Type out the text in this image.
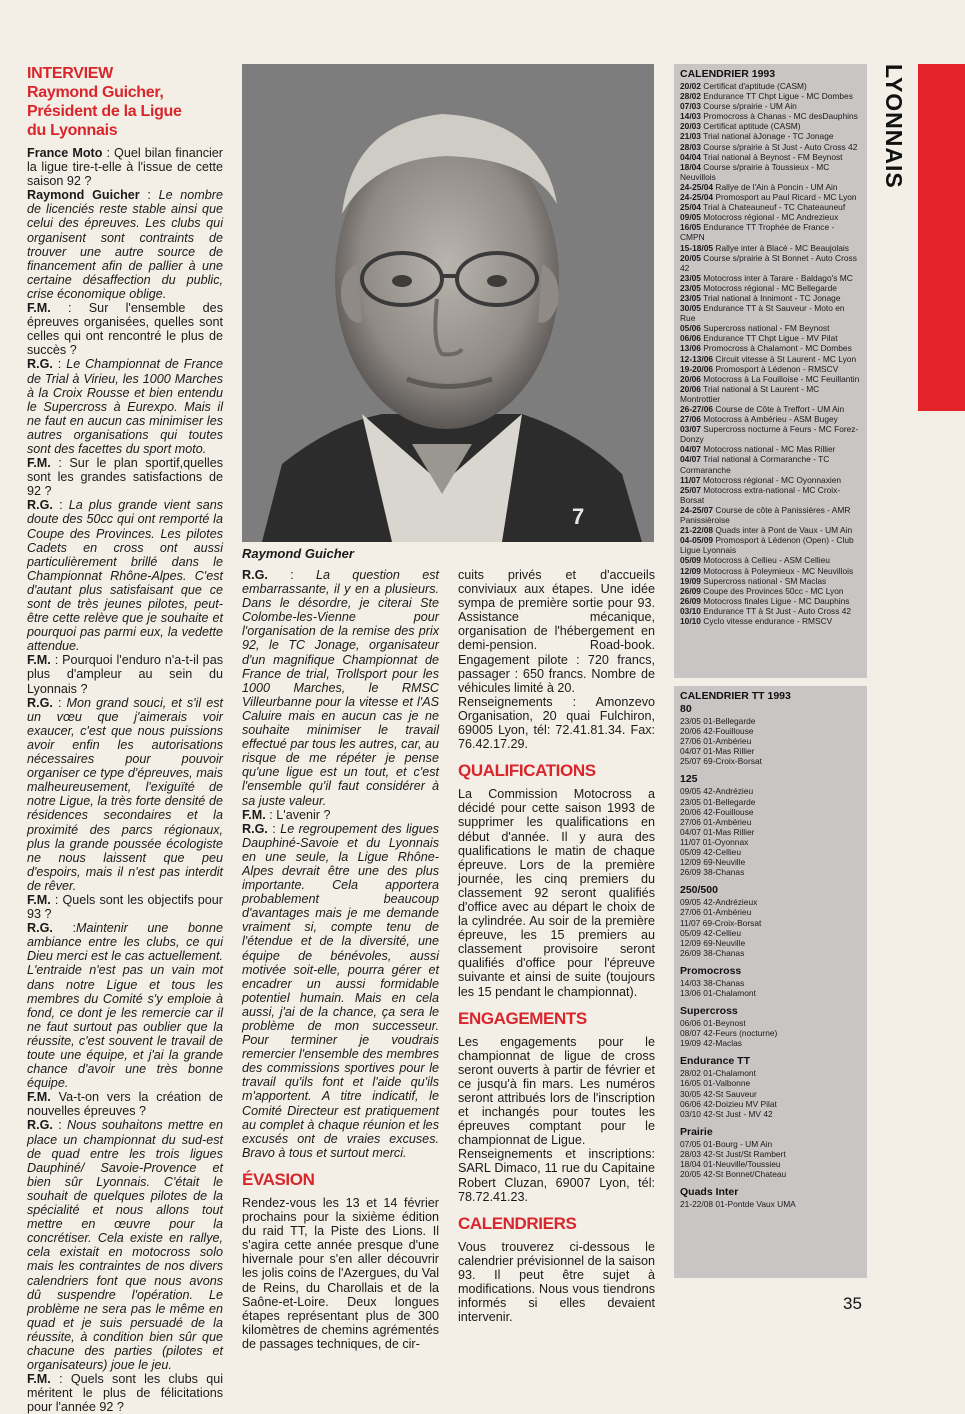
INTERVIEW
Raymond Guicher,
Président de la Ligue
du Lyonnais

France Moto : Quel bilan financier la ligue tire-t-elle à l'issue de cette saison 92 ?

Raymond Guicher : Le nombre de licenciés reste stable ainsi que celui des épreuves. Les clubs qui organisent sont contraints de trouver une autre source de financement afin de pallier à une certaine désaffection du public, crise économique oblige.

F.M. : Sur l'ensemble des épreuves organisées, quelles sont celles qui ont rencontré le plus de succès ?

R.G. : Le Championnat de France de Trial à Virieu, les 1000 Marches à la Croix Rousse et bien entendu le Supercross à Eurexpo. Mais il ne faut en aucun cas minimiser les autres organisations qui toutes sont des facettes du sport moto.

F.M. : Sur le plan sportif,quelles sont les grandes satisfactions de 92 ?

R.G. : La plus grande vient sans doute des 50cc qui ont remporté la Coupe des Provinces. Les pilotes Cadets en cross ont aussi particulièrement brillé dans le Championnat Rhône-Alpes. C'est d'autant plus satisfaisant que ce sont de très jeunes pilotes, peut-être cette relève que je souhaite et pourquoi pas parmi eux, la vedette attendue.

F.M. : Pourquoi l'enduro n'a-t-il pas plus d'ampleur au sein du Lyonnais ?

R.G. : Mon grand souci, et s'il est un vœu que j'aimerais voir exaucer, c'est que nous puissions avoir enfin les autorisations nécessaires pour pouvoir organiser ce type d'épreuves, mais malheureusement, l'exiguïté de notre Ligue, la très forte densité de résidences secondaires et la proximité des parcs régionaux, plus la grande poussée écologiste ne nous laissent que peu d'espoirs, mais il n'est pas interdit de rêver.

F.M. : Quels sont les objectifs pour 93 ?

R.G. :Maintenir une bonne ambiance entre les clubs, ce qui Dieu merci est le cas actuellement. L'entraide n'est pas un vain mot dans notre Ligue et tous les membres du Comité s'y emploie à fond, ce dont je les remercie car il ne faut surtout pas oublier que la réussite, c'est souvent le travail de toute une équipe, et j'ai la grande chance d'avoir une très bonne équipe.

F.M. Va-t-on vers la création de nouvelles épreuves ?

R.G. : Nous souhaitons mettre en place un championnat du sud-est de quad entre les trois ligues Dauphiné/ Savoie-Provence et bien sûr Lyonnais. C'était le souhait de quelques pilotes de la spécialité et nous allons tout mettre en œuvre pour la concrétiser. Cela existe en rallye, cela existait en motocross solo mais les contraintes de nos divers calendriers font que nous avons dû suspendre l'opération. Le problème ne sera pas le même en quad et je suis persuadé de la réussite, à condition bien sûr que chacune des parties (pilotes et organisateurs) joue le jeu.

F.M. : Quels sont les clubs qui méritent le plus de félicitations pour l'année 92 ?

7
Raymond Guicher

R.G. : La question est embarrassante, il y en a plusieurs. Dans le désordre, je citerai Ste Colombe-les-Vienne pour l'organisation de la remise des prix 92, le TC Jonage, organisateur d'un magnifique Championnat de France de trial, Trollsport pour les 1000 Marches, le RMSC Villeurbanne pour la vitesse et l'AS Caluire mais en aucun cas je ne souhaite minimiser le travail effectué par tous les autres, car, au risque de me répéter je pense qu'une ligue est un tout, et c'est l'ensemble qu'il faut considérer à sa juste valeur.

F.M. : L'avenir ?

R.G. : Le regroupement des ligues Dauphiné-Savoie et du Lyonnais en une seule, la Ligue Rhône-Alpes devrait être une des plus importante. Cela apportera probablement beaucoup d'avantages mais je me demande vraiment si, compte tenu de l'étendue et de la diversité, une équipe de bénévoles, aussi motivée soit-elle, pourra gérer et encadrer un aussi formidable potentiel humain. Mais en cela aussi, j'ai de la chance, ça sera le problème de mon successeur. Pour terminer je voudrais remercier l'ensemble des membres des commissions sportives pour le travail qu'ils font et l'aide qu'ils m'apportent. A titre indicatif, le Comité Directeur est pratiquement au complet à chaque réunion et les excusés ont de vraies excuses. Bravo à tous et surtout merci.

ÉVASION

Rendez-vous les 13 et 14 février prochains pour la sixième édition du raid TT, la Piste des Lions. Il s'agira cette année presque d'une hivernale pour s'en aller découvrir les jolis coins de l'Azergues, du Val de Reins, du Charollais et de la Saône-et-Loire. Deux longues étapes représentant plus de 300 kilomètres de chemins agrémentés de passages techniques, de cir-

cuits privés et d'accueils conviviaux aux étapes. Une idée sympa de première sortie pour 93. Assistance mécanique, organisation de l'hébergement en demi-pension. Road-book. Engagement pilote : 720 francs, passager : 650 francs. Nombre de véhicules limité à 20.

Renseignements : Amonzevo Organisation, 20 quai Fulchiron, 69005 Lyon, tél: 72.41.81.34. Fax: 76.42.17.29.

QUALIFICATIONS

La Commission Motocross a décidé pour cette saison 1993 de supprimer les qualifications en début d'année. Il y aura des qualifications le matin de chaque épreuve. Lors de la première journée, les cinq premiers du classement 92 seront qualifiés d'office avec au départ le choix de la cylindrée. Au soir de la première épreuve, les 15 premiers au classement provisoire seront qualifiés d'office pour l'épreuve suivante et ainsi de suite (toujours les 15 pendant le championnat).

ENGAGEMENTS

Les engagements pour le championnat de ligue de cross seront ouverts à partir de février et ce jusqu'à fin mars. Les numéros seront attribués lors de l'inscription et inchangés pour toutes les épreuves comptant pour le championnat de Ligue.

Renseignements et inscriptions: SARL Dimaco, 11 rue du Capitaine Robert Cluzan, 69007 Lyon, tél: 78.72.41.23.

CALENDRIERS

Vous trouverez ci-dessous le calendrier prévisionnel de la saison 93. Il peut être sujet à modifications. Nous vous tiendrons informés si elles devaient intervenir.

CALENDRIER 1993
20/02 Certificat d'aptitude (CASM)
28/02 Endurance TT Chpt Ligue - MC Dombes
07/03 Course s/prairie - UM Ain
14/03 Promocross à Chanas - MC desDauphins
20/03 Certificat aptitude (CASM)
21/03 Trial national àJonage - TC Jonage
28/03 Course s/prairie à St Just - Auto Cross 42
04/04 Trial national à Beynost - FM Beynost
18/04 Course s/prairie à Toussieux - MC Neuvillois
24-25/04 Rallye de l'Ain à Poncin - UM Ain
24-25/04 Promosport au Paul Ricard - MC Lyon
25/04 Trial à Chateauneuf - TC Chateauneuf
09/05 Motocross régional - MC Andrezieux
16/05 Endurance TT Trophée de France - CMPN
15-18/05 Rallye inter à Blacé - MC Beaujolais
20/05 Course s/prairie à St Bonnet - Auto Cross 42
23/05 Motocross inter à Tarare - Baldago's MC
23/05 Motocross régional - MC Bellegarde
23/05 Trial national à Innimont - TC Jonage
30/05 Endurance TT à St Sauveur - Moto en Rue
05/06 Supercross national - FM Beynost
06/06 Endurance TT Chpt Ligue - MV Pilat
13/06 Promocross à Chalamont - MC Dombes
12-13/06 Circuit vitesse à St Laurent - MC Lyon
19-20/06 Promosport à Lédenon - RMSCV
20/06 Motocross à La Fouilloise - MC Feuillantin
20/06 Trial national à St Laurent - MC Montrottier
26-27/06 Course de Côte à Treffort - UM Ain
27/06 Motocross à Ambérieu - ASM Bugey
03/07 Supercross nocturne à Feurs - MC Forez-Donzy
04/07 Motocross national - MC Mas Rillier
04/07 Trial national à Cormaranche - TC Cormaranche
11/07 Motocross régional - MC Oyonnaxien
25/07 Motocross extra-national - MC Croix-Borsat
24-25/07 Course de côte à Panissières - AMR Panissièroise
21-22/08 Quads inter à Pont de Vaux - UM Ain
04-05/09 Promosport à Lédenon (Open) - Club Ligue Lyonnais
05/09 Motocross à Cellieu - ASM Cellieu
12/09 Motocross à Poleymieux - MC Neuvillois
19/09 Supercross national - SM Maclas
26/09 Coupe des Provinces 50cc - MC Lyon
26/09 Motocross finales Ligue - MC Dauphins
03/10 Endurance TT à St Just - Auto Cross 42
10/10 Cyclo vitesse endurance - RMSCV
CALENDRIER TT 1993
80
23/05 01-Bellegarde
20/06 42-Fouillouse
27/06 01-Ambérieu
04/07 01-Mas Rillier
25/07 69-Croix-Borsat
125
09/05 42-Andrézieu
23/05 01-Bellegarde
20/06 42-Fouillouse
27/06 01-Ambérieu
04/07 01-Mas Rillier
11/07 01-Oyonnax
05/09 42-Cellieu
12/09 69-Neuville
26/09 38-Chanas
250/500
09/05 42-Andrézieux
27/06 01-Ambérieu
11/07 69-Croix-Borsat
05/09 42-Cellieu
12/09 69-Neuville
26/09 38-Chanas
Promocross
14/03 38-Chanas
13/06 01-Chalamont
Supercross
06/06 01-Beynost
08/07 42-Feurs (nocturne)
19/09 42-Maclas
Endurance TT
28/02 01-Chalamont
16/05 01-Valbonne
30/05 42-St Sauveur
06/06 42-Doizieu MV Pilat
03/10 42-St Just - MV 42
Prairie
07/05 01-Bourg - UM Ain
28/03 42-St Just/St Rambert
18/04 01-Neuville/Toussieu
20/05 42-St Bonnet/Chateau
Quads Inter
21-22/08 01-Pontde Vaux UMA
LYONNAIS
35
